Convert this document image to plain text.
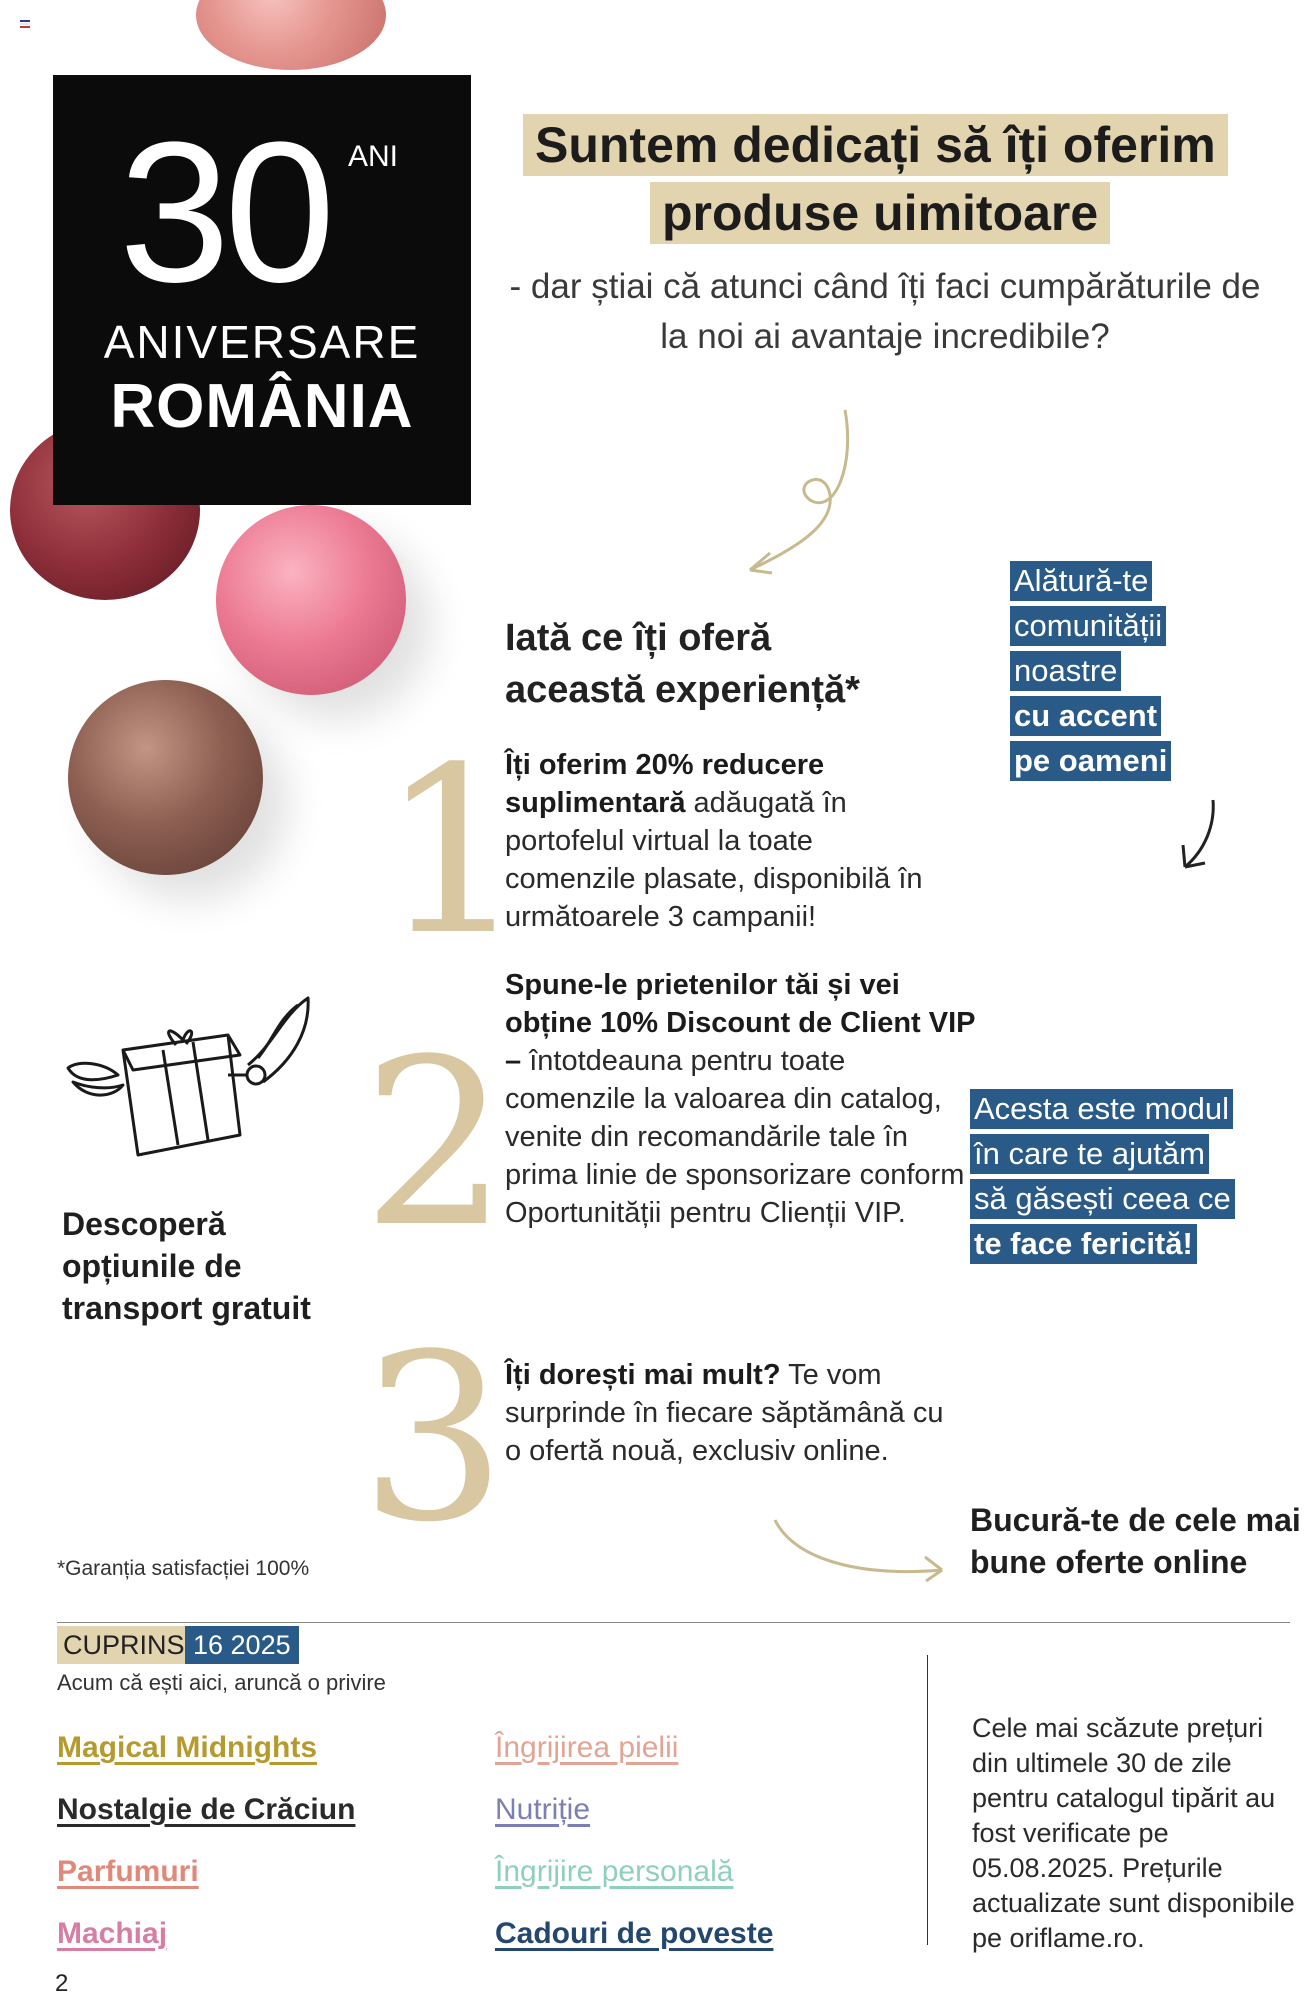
30 ANI
ANIVERSARE
ROMÂNIA
Suntem dedicați să îți oferim
produse uimitoare
- dar știai că atunci când îți faci cumpărăturile de la noi ai avantaje incredibile?
Iată ce îți oferă
această experiență*
1
2
3
Îți oferim 20% reducere suplimentară adăugată în portofelul virtual la toate comenzile plasate, disponibilă în următoarele 3 campanii!
Spune-le prietenilor tăi și vei obține 10% Discount de Client VIP – întotdeauna pentru toate comenzile la valoarea din catalog, venite din recomandările tale în prima linie de sponsorizare conform Oportunității pentru Clienții VIP.
Îți dorești mai mult? Te vom surprinde în fiecare săptămână cu o ofertă nouă, exclusiv online.
Alătură-te
comunității
noastre
cu accent
pe oameni
Descoperă opțiunile de transport gratuit
Acesta este modul
în care te ajutăm
să găsești ceea ce
te face fericită!
Bucură-te de cele mai bune oferte online
*Garanția satisfacției 100%
CUPRINS 16 2025
Acum că ești aici, aruncă o privire
Magical Midnights
Nostalgie de Crăciun
Parfumuri
Machiaj
Îngrijirea pielii
Nutriție
Îngrijire personală
Cadouri de poveste
Cele mai scăzute prețuri din ultimele 30 de zile pentru catalogul tipărit au fost verificate pe 05.08.2025. Prețurile actualizate sunt disponibile pe oriflame.ro.
2
